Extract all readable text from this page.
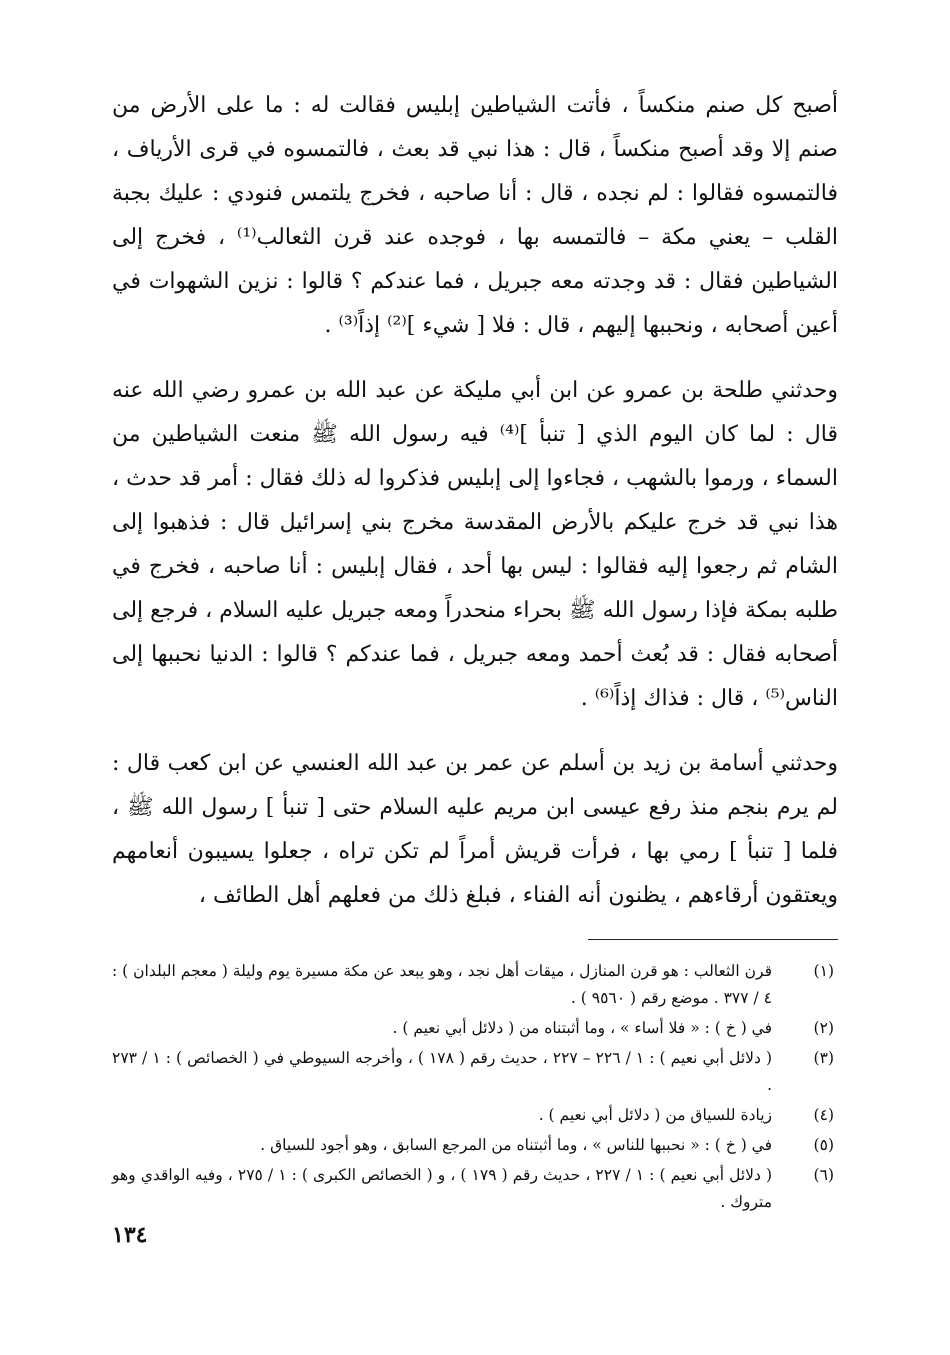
أصبح كل صنم منكساً ، فأتت الشياطين إبليس فقالت له : ما على الأرض من صنم إلا وقد أصبح منكساً ، قال : هذا نبي قد بعث ، فالتمسوه في قرى الأرياف ، فالتمسوه فقالوا : لم نجده ، قال : أنا صاحبه ، فخرج يلتمس فنودي : عليك بجبة القلب – يعني مكة – فالتمسه بها ، فوجده عند قرن الثعالب⁽¹⁾ ، فخرج إلى الشياطين فقال : قد وجدته معه جبريل ، فما عندكم ؟ قالوا : نزين الشهوات في أعين أصحابه ، ونحببها إليهم ، قال : فلا [ شيء ]⁽²⁾ إذاً⁽³⁾ .

وحدثني طلحة بن عمرو عن ابن أبي مليكة عن عبد الله بن عمرو رضي الله عنه قال : لما كان اليوم الذي [ تنبأ ]⁽⁴⁾ فيه رسول الله ﷺ منعت الشياطين من السماء ، ورموا بالشهب ، فجاءوا إلى إبليس فذكروا له ذلك فقال : أمر قد حدث ، هذا نبي قد خرج عليكم بالأرض المقدسة مخرج بني إسرائيل قال : فذهبوا إلى الشام ثم رجعوا إليه فقالوا : ليس بها أحد ، فقال إبليس : أنا صاحبه ، فخرج في طلبه بمكة فإذا رسول الله ﷺ بحراء منحدراً ومعه جبريل عليه السلام ، فرجع إلى أصحابه فقال : قد بُعث أحمد ومعه جبريل ، فما عندكم ؟ قالوا : الدنيا نحببها إلى الناس⁽⁵⁾ ، قال : فذاك إذاً⁽⁶⁾ .

وحدثني أسامة بن زيد بن أسلم عن عمر بن عبد الله العنسي عن ابن كعب قال : لم يرم بنجم منذ رفع عيسى ابن مريم عليه السلام حتى [ تنبأ ] رسول الله ﷺ ، فلما [ تنبأ ] رمي بها ، فرأت قريش أمراً لم تكن تراه ، جعلوا يسيبون أنعامهم ويعتقون أرقاءهم ، يظنون أنه الفناء ، فبلغ ذلك من فعلهم أهل الطائف ،

(١)
قرن الثعالب : هو قرن المنازل ، ميقات أهل نجد ، وهو يبعد عن مكة مسيرة يوم وليلة ( معجم البلدان ) : ٤ / ٣٧٧ . موضع رقم ( ٩٥٦٠ ) .
(٢)
في ( خ ) : « فلا أساء » ، وما أثبتناه من ( دلائل أبي نعيم ) .
(٣)
( دلائل أبي نعيم ) : ١ / ٢٢٦ – ٢٢٧ ، حديث رقم ( ١٧٨ ) ، وأخرجه السيوطي في ( الخصائص ) : ١ / ٢٧٣ .
(٤)
زيادة للسياق من ( دلائل أبي نعيم ) .
(٥)
في ( خ ) : « نحببها للناس » ، وما أثبتناه من المرجع السابق ، وهو أجود للسياق .
(٦)
( دلائل أبي نعيم ) : ١ / ٢٢٧ ، حديث رقم ( ١٧٩ ) ، و ( الخصائص الكبرى ) : ١ / ٢٧٥ ، وفيه الواقدي وهو متروك .
١٣٤
